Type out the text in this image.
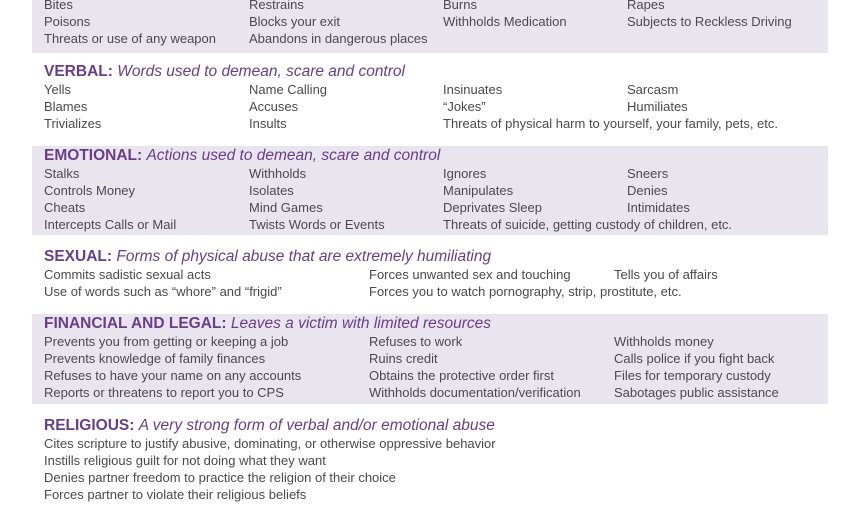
Bites	Restrains	Burns	Rapes
Poisons	Blocks your exit	Withholds Medication	Subjects to Reckless Driving
Threats or use of any weapon	Abandons in dangerous places
VERBAL: Words used to demean, scare and control
Yells	Name Calling	Insinuates	Sarcasm
Blames	Accuses	“Jokes”	Humiliates
Trivializes	Insults	Threats of physical harm to yourself, your family, pets, etc.
EMOTIONAL: Actions used to demean, scare and control
Stalks	Withholds	Ignores	Sneers
Controls Money	Isolates	Manipulates	Denies
Cheats	Mind Games	Deprivates Sleep	Intimidates
Intercepts Calls or Mail	Twists Words or Events	Threats of suicide, getting custody of children, etc.
SEXUAL: Forms of physical abuse that are extremely humiliating
Commits sadistic sexual acts	Forces unwanted sex and touching	Tells you of affairs
Use of words such as “whore” and “frigid”	Forces you to watch pornography, strip, prostitute, etc.
FINANCIAL AND LEGAL: Leaves a victim with limited resources
Prevents you from getting or keeping a job	Refuses to work	Withholds money
Prevents knowledge of family finances	Ruins credit	Calls police if you fight back
Refuses to have your name on any accounts	Obtains the protective order first	Files for temporary custody
Reports or threatens to report you to CPS	Withholds documentation/verification	Sabotages public assistance
RELIGIOUS: A very strong form of verbal and/or emotional abuse
Cites scripture to justify abusive, dominating, or otherwise oppressive behavior
Instills religious guilt for not doing what they want
Denies partner freedom to practice the religion of their choice
Forces partner to violate their religious beliefs
